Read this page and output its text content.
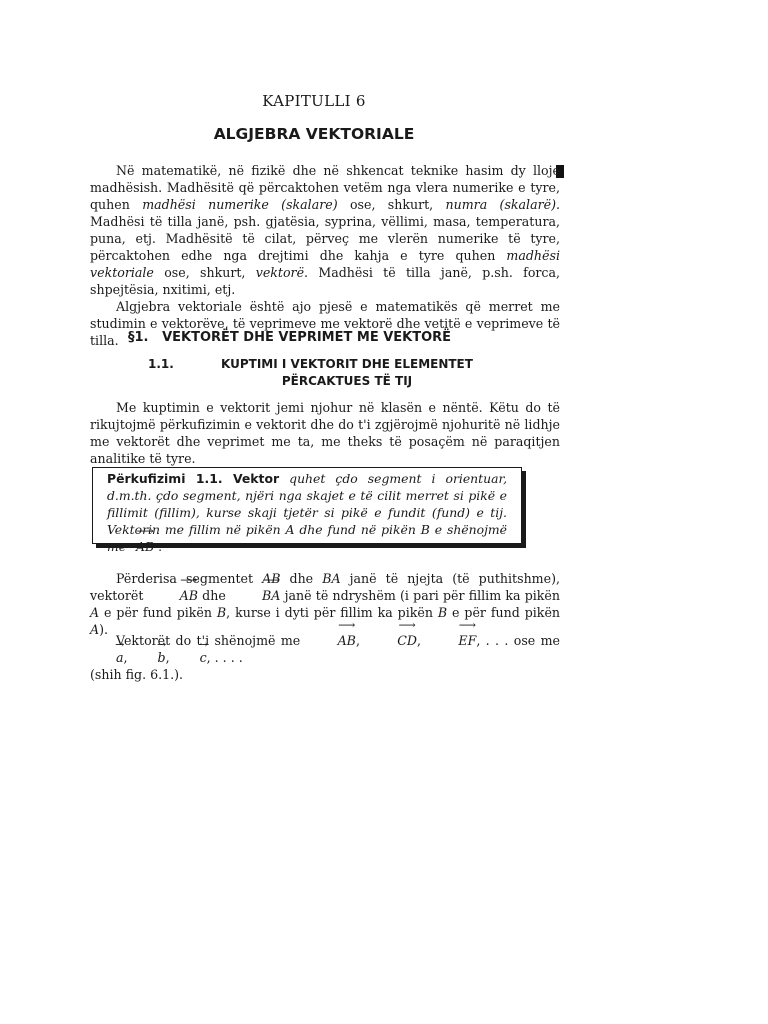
KAPITULLI 6
ALGJEBRA VEKTORIALE
Në matematikë, në fizikë dhe në shkencat teknike hasim dy lloje madhësish. Madhësitë që përcaktohen vetëm nga vlera numerike e tyre, quhen madhësi numerike (skalare) ose, shkurt, numra (skalarë). Madhësi të tilla janë, psh. gjatësia, syprina, vëllimi, masa, temperatura, puna, etj. Madhësitë të cilat, përveç me vlerën numerike të tyre, përcaktohen edhe nga drejtimi dhe kahja e tyre quhen madhësi vektoriale ose, shkurt, vektorë. Madhësi të tilla janë, p.sh. forca, shpejtësia, nxitimi, etj.
Algjebra vektoriale është ajo pjesë e matematikës që merret me studimin e vektorëve, të veprimeve me vektorë dhe vetitë e veprimeve të tilla. §1. VEKTORËT DHE VEPRIMET ME VEKTORË
1.1.	KUPTIMI I VEKTORIT DHE ELEMENTET PËRCAKTUES TË TIJ
Me kuptimin e vektorit jemi njohur në klasën e nëntë. Këtu do të rikujtojmë përkufizimin e vektorit dhe do t'i zgjërojmë njohuritë në lidhje me vektorët dhe veprimet me ta, me theks të posaçëm në paraqitjen analitike të tyre.
Përkufizimi 1.1. Vektor quhet çdo segment i orientuar, d.m.th. çdo segment, njëri nga skajet e të cilit merret si pikë e fillimit (fillim), kurse skaji tjetër si pikë e fundit (fund) e tij. Vektorin me fillim në pikën A dhe fund në pikën B e shënojmë me ⟶ AB .
Përderisa segmentet AB dhe BA janë të njejta (të puthitshme), vektorët	⟶ AB dhe	⟶ BA janë të ndryshëm (i pari për fillim ka pikën A e për fund pikën B, kurse i dyti për fillim ka pikën B e për fund pikën A).
Vektorët do t'i shënojmë me	⟶ AB,	⟶ CD,	⟶ EF, . . . ose me → a, → b, → c, . . . .
(shih fig. 6.1.).
